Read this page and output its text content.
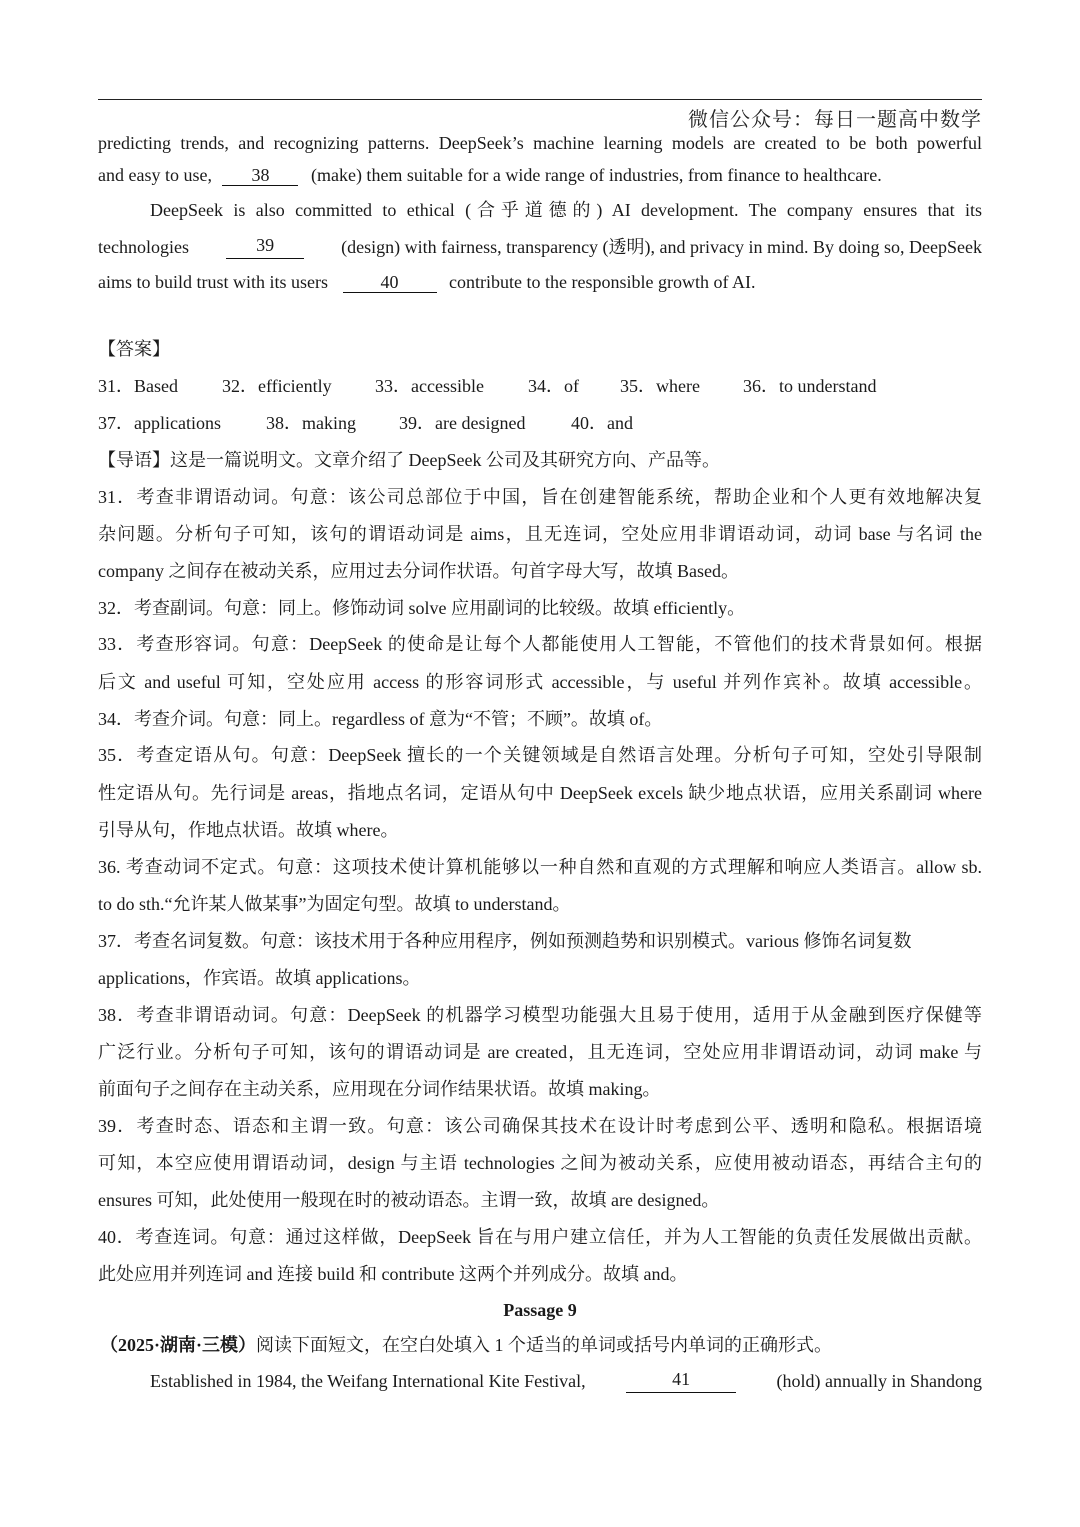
微信公众号：每日一题高中数学
predicting trends, and recognizing patterns. DeepSeek’s machine learning models are created to be both powerful
and easy to use, 38 (make) them suitable for a wide range of industries, from finance to healthcare.
DeepSeek is also committed to ethical (合乎道德的) AI development. The company ensures that its
technologies	39	(design) with fairness, transparency (透明), and privacy in mind. By doing so, DeepSeek
aims to build trust with its users	40	contribute to the responsible growth of AI.
【答案】
31．Based 32．efficiently 33．accessible 34．of 35．where 36．to understand
37．applications	38．making 39．are designed	40．and
【导语】这是一篇说明文。文章介绍了 DeepSeek 公司及其研究方向、产品等。
31．考查非谓语动词。句意：该公司总部位于中国，旨在创建智能系统，帮助企业和个人更有效地解决复
杂问题。分析句子可知，该句的谓语动词是 aims，且无连词，空处应用非谓语动词，动词 base 与名词 the
company 之间存在被动关系，应用过去分词作状语。句首字母大写，故填 Based。
32．考查副词。句意：同上。修饰动词 solve 应用副词的比较级。故填 efficiently。
33．考查形容词。句意：DeepSeek 的使命是让每个人都能使用人工智能，不管他们的技术背景如何。根据
后文 and useful 可知，空处应用 access 的形容词形式 accessible，与 useful 并列作宾补。故填 accessible。
34．考查介词。句意：同上。regardless of 意为“不管；不顾”。故填 of。
35．考查定语从句。句意：DeepSeek 擅长的一个关键领域是自然语言处理。分析句子可知，空处引导限制
性定语从句。先行词是 areas，指地点名词，定语从句中 DeepSeek excels 缺少地点状语，应用关系副词 where
引导从句，作地点状语。故填 where。
36. 考查动词不定式。句意：这项技术使计算机能够以一种自然和直观的方式理解和响应人类语言。allow sb.
to do sth.“允许某人做某事”为固定句型。故填 to understand。
37．考查名词复数。句意：该技术用于各种应用程序，例如预测趋势和识别模式。various 修饰名词复数
applications，作宾语。故填 applications。
38．考查非谓语动词。句意：DeepSeek 的机器学习模型功能强大且易于使用，适用于从金融到医疗保健等
广泛行业。分析句子可知，该句的谓语动词是 are created，且无连词，空处应用非谓语动词，动词 make 与
前面句子之间存在主动关系，应用现在分词作结果状语。故填 making。
39．考查时态、语态和主谓一致。句意：该公司确保其技术在设计时考虑到公平、透明和隐私。根据语境
可知，本空应使用谓语动词，design 与主语 technologies 之间为被动关系，应使用被动语态，再结合主句的
ensures 可知，此处使用一般现在时的被动语态。主谓一致，故填 are designed。
40．考查连词。句意：通过这样做，DeepSeek 旨在与用户建立信任，并为人工智能的负责任发展做出贡献。
此处应用并列连词 and 连接 build 和 contribute 这两个并列成分。故填 and。
Passage 9
（2025·湖南·三模）阅读下面短文，在空白处填入 1 个适当的单词或括号内单词的正确形式。
Established in 1984, the Weifang International Kite Festival,	41	(hold) annually in Shandong
